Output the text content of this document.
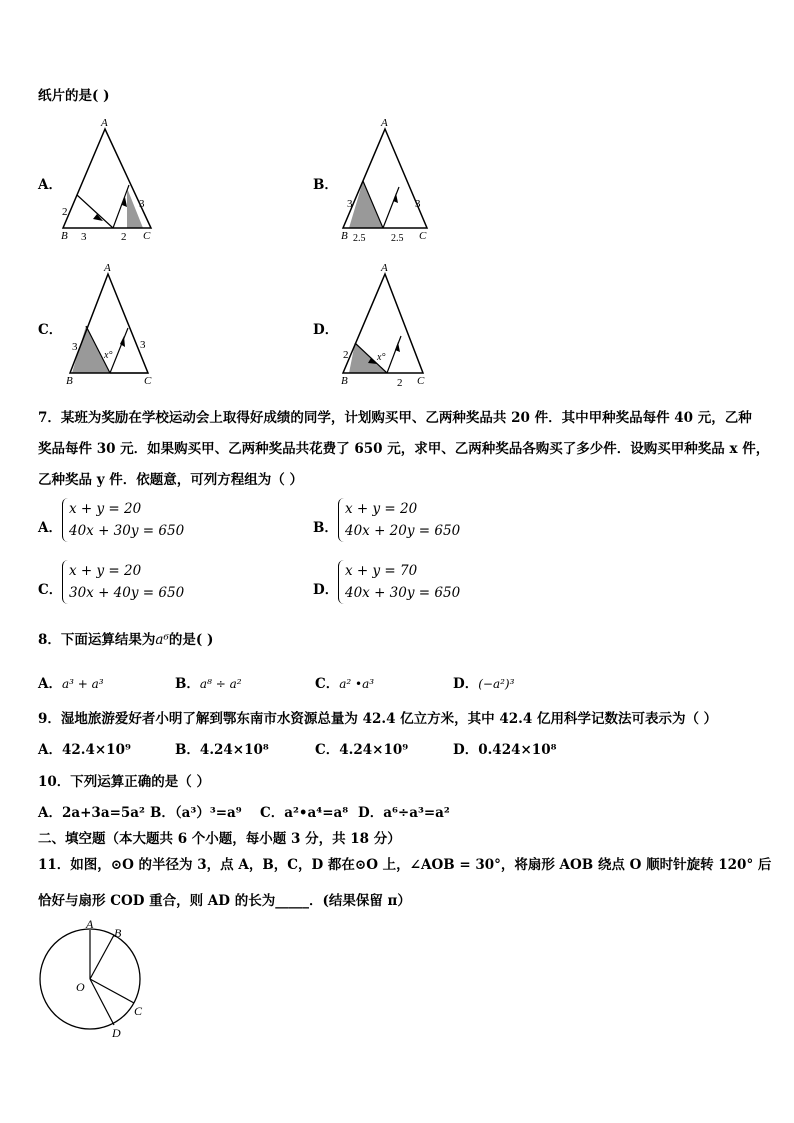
纸片的是( )
A．
A
B	C
2
3	2
3
B．
A
B	C
3
2.5	2.5
3
C．
A
B	C
3
x°
3
D．
A
B	C
2	x°
2
7．某班为奖励在学校运动会上取得好成绩的同学，计划购买甲、乙两种奖品共 20 件．其中甲种奖品每件 40 元，乙种
奖品每件 30 元．如果购买甲、乙两种奖品共花费了 650 元，求甲、乙两种奖品各购买了多少件．设购买甲种奖品 x 件，
乙种奖品 y 件．依题意，可列方程组为（ ）
A．
x + y = 20
40x + 30y = 650	B．
x + y = 20
40x + 20y = 650
C．
x + y = 20
30x + 40y = 650	D．
x + y = 70
40x + 30y = 650
8．下面运算结果为a⁶的是( )
A．a³ + a³	B．a⁸ ÷ a²	C．a² •a³	D．(−a²)³
9．湿地旅游爱好者小明了解到鄂东南市水资源总量为 42.4 亿立方米，其中 42.4 亿用科学记数法可表示为（ ）
A．42.4×10⁹	B．4.24×10⁸	C．4.24×10⁹	D．0.424×10⁸
10．下列运算正确的是（ ）
A．2a+3a=5a² B．（a³）³=a⁹ C．a²•a⁴=a⁸ D．a⁶÷a³=a²
二、填空题（本大题共 6 个小题，每小题 3 分，共 18 分）
11．如图，⊙O 的半径为 3，点 A，B，C，D 都在⊙O 上，∠AOB = 30°，将扇形 AOB 绕点 O 顺时针旋转 120° 后
恰好与扇形 COD 重合，则 AD 的长为_____．(结果保留 π）
A
B
O
C
D
